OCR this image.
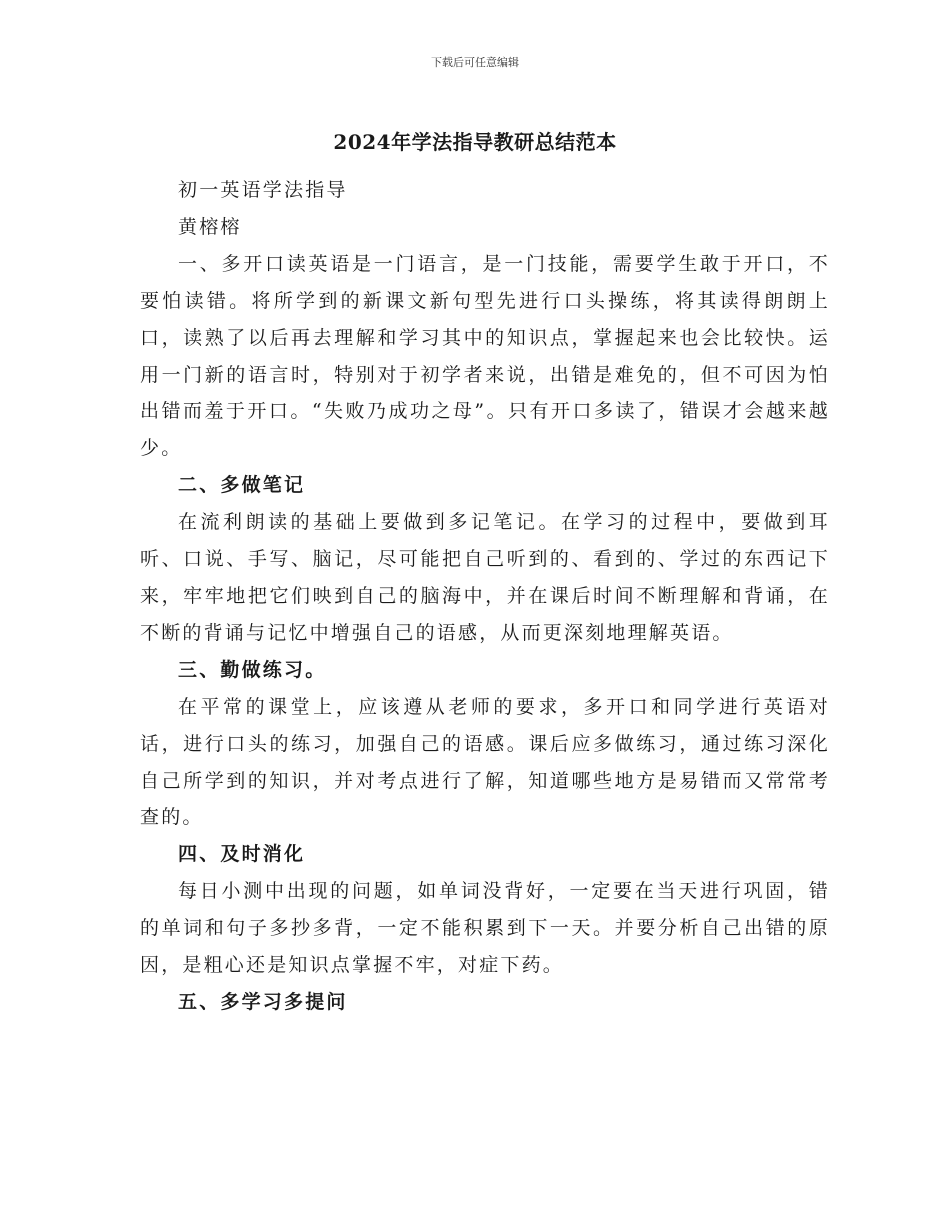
下载后可任意编辑
2024年学法指导教研总结范本

初一英语学法指导

黄榕榕

一、多开口读英语是一门语言，是一门技能，需要学生敢于开口，不要怕读错。将所学到的新课文新句型先进行口头操练，将其读得朗朗上口，读熟了以后再去理解和学习其中的知识点，掌握起来也会比较快。运用一门新的语言时，特别对于初学者来说，出错是难免的，但不可因为怕出错而羞于开口。“失败乃成功之母”。只有开口多读了，错误才会越来越少。

二、多做笔记

在流利朗读的基础上要做到多记笔记。在学习的过程中，要做到耳听、口说、手写、脑记，尽可能把自己听到的、看到的、学过的东西记下来，牢牢地把它们映到自己的脑海中，并在课后时间不断理解和背诵，在不断的背诵与记忆中增强自己的语感，从而更深刻地理解英语。

三、勤做练习。

在平常的课堂上，应该遵从老师的要求，多开口和同学进行英语对话，进行口头的练习，加强自己的语感。课后应多做练习，通过练习深化自己所学到的知识，并对考点进行了解，知道哪些地方是易错而又常常考查的。

四、及时消化

每日小测中出现的问题，如单词没背好，一定要在当天进行巩固，错的单词和句子多抄多背，一定不能积累到下一天。并要分析自己出错的原因，是粗心还是知识点掌握不牢，对症下药。

五、多学习多提问
